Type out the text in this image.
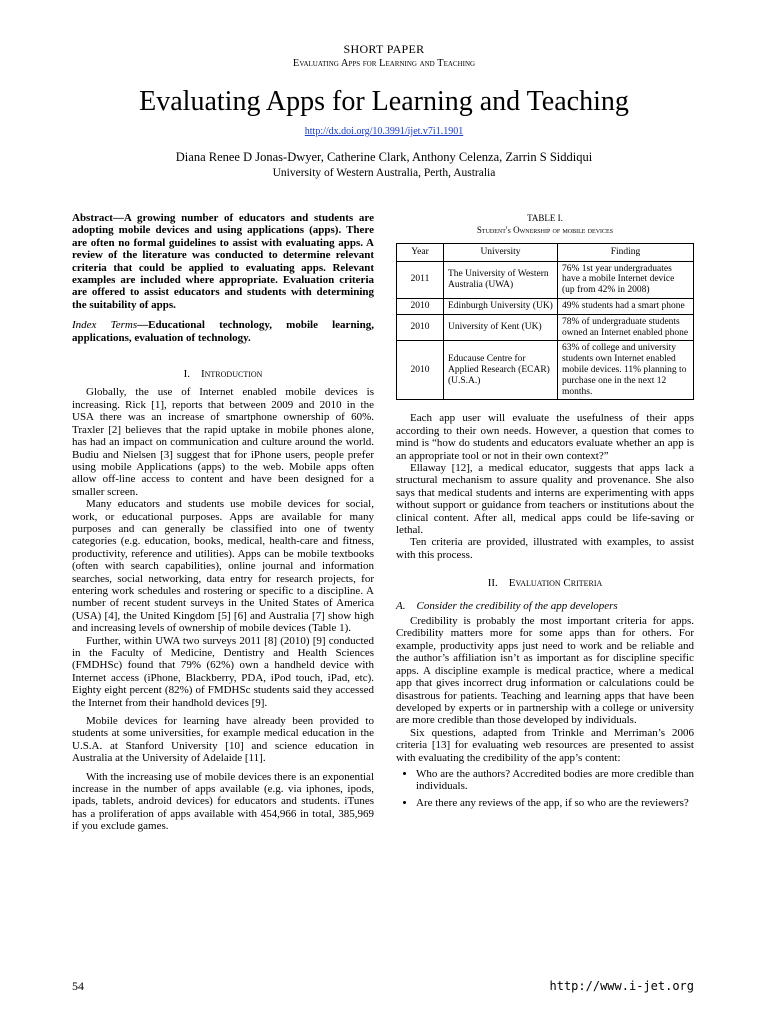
SHORT PAPER
Evaluating Apps for Learning and Teaching
Evaluating Apps for Learning and Teaching
http://dx.doi.org/10.3991/ijet.v7i1.1901
Diana Renee D Jonas-Dwyer, Catherine Clark, Anthony Celenza, Zarrin S Siddiqui
University of Western Australia, Perth, Australia

Abstract—A growing number of educators and students are adopting mobile devices and using applications (apps). There are often no formal guidelines to assist with evaluating apps. A review of the literature was conducted to determine relevant criteria that could be applied to evaluating apps. Relevant examples are included where appropriate. Evaluation criteria are offered to assist educators and students with determining the suitability of apps.

Index Terms—Educational technology, mobile learning, applications, evaluation of technology.

I. Introduction

Globally, the use of Internet enabled mobile devices is increasing. Rick [1], reports that between 2009 and 2010 in the USA there was an increase of smartphone ownership of 60%. Traxler [2] believes that the rapid uptake in mobile phones alone, has had an impact on communication and culture around the world. Budiu and Nielsen [3] suggest that for iPhone users, people prefer using mobile Applications (apps) to the web. Mobile apps often allow off-line access to content and have been designed for a smaller screen.

Many educators and students use mobile devices for social, work, or educational purposes. Apps are available for many purposes and can generally be classified into one of twenty categories (e.g. education, books, medical, health-care and fitness, productivity, reference and utilities). Apps can be mobile textbooks (often with search capabilities), online journal and information searches, social networking, data entry for research projects, for entering work schedules and rostering or specific to a discipline. A number of recent student surveys in the United States of America (USA) [4], the United Kingdom [5] [6] and Australia [7] show high and increasing levels of ownership of mobile devices (Table 1).

Further, within UWA two surveys 2011 [8] (2010) [9] conducted in the Faculty of Medicine, Dentistry and Health Sciences (FMDHSc) found that 79% (62%) own a handheld device with Internet access (iPhone, Blackberry, PDA, iPod touch, iPad, etc). Eighty eight percent (82%) of FMDHSc students said they accessed the Internet from their handhold devices [9].

Mobile devices for learning have already been provided to students at some universities, for example medical education in the U.S.A. at Stanford University [10] and science education in Australia at the University of Adelaide [11].

With the increasing use of mobile devices there is an exponential increase in the number of apps available (e.g. via iphones, ipods, ipads, tablets, android devices) for educators and students. iTunes has a proliferation of apps available with 454,966 in total, 385,969 if you exclude games.

TABLE I.
Student's Ownership of mobile devices
Year	University	Finding
2011	The University of Western Australia (UWA)	76% 1st year undergraduates have a mobile Internet device (up from 42% in 2008)
2010	Edinburgh University (UK)	49% students had a smart phone
2010	University of Kent (UK)	78% of undergraduate students owned an Internet enabled phone
2010	Educause Centre for Applied Research (ECAR) (U.S.A.)	63% of college and university students own Internet enabled mobile devices. 11% planning to purchase one in the next 12 months.

Each app user will evaluate the usefulness of their apps according to their own needs. However, a question that comes to mind is “how do students and educators evaluate whether an app is an appropriate tool or not in their own context?”

Ellaway [12], a medical educator, suggests that apps lack a structural mechanism to assure quality and provenance. She also says that medical students and interns are experimenting with apps without support or guidance from teachers or institutions about the clinical content. After all, medical apps could be life-saving or lethal.

Ten criteria are provided, illustrated with examples, to assist with this process.

II. Evaluation Criteria
A. Consider the credibility of the app developers

Credibility is probably the most important criteria for apps. Credibility matters more for some apps than for others. For example, productivity apps just need to work and be reliable and the author’s affiliation isn’t as important as for discipline specific apps. A discipline example is medical practice, where a medical app that gives incorrect drug information or calculations could be disastrous for patients. Teaching and learning apps that have been developed by experts or in partnership with a college or university are more credible than those developed by individuals.

Six questions, adapted from Trinkle and Merriman’s 2006 criteria [13] for evaluating web resources are presented to assist with evaluating the credibility of the app’s content:

• Who are the authors? Accredited bodies are more credible than individuals.
• Are there any reviews of the app, if so who are the reviewers?
54	http://www.i-jet.org
